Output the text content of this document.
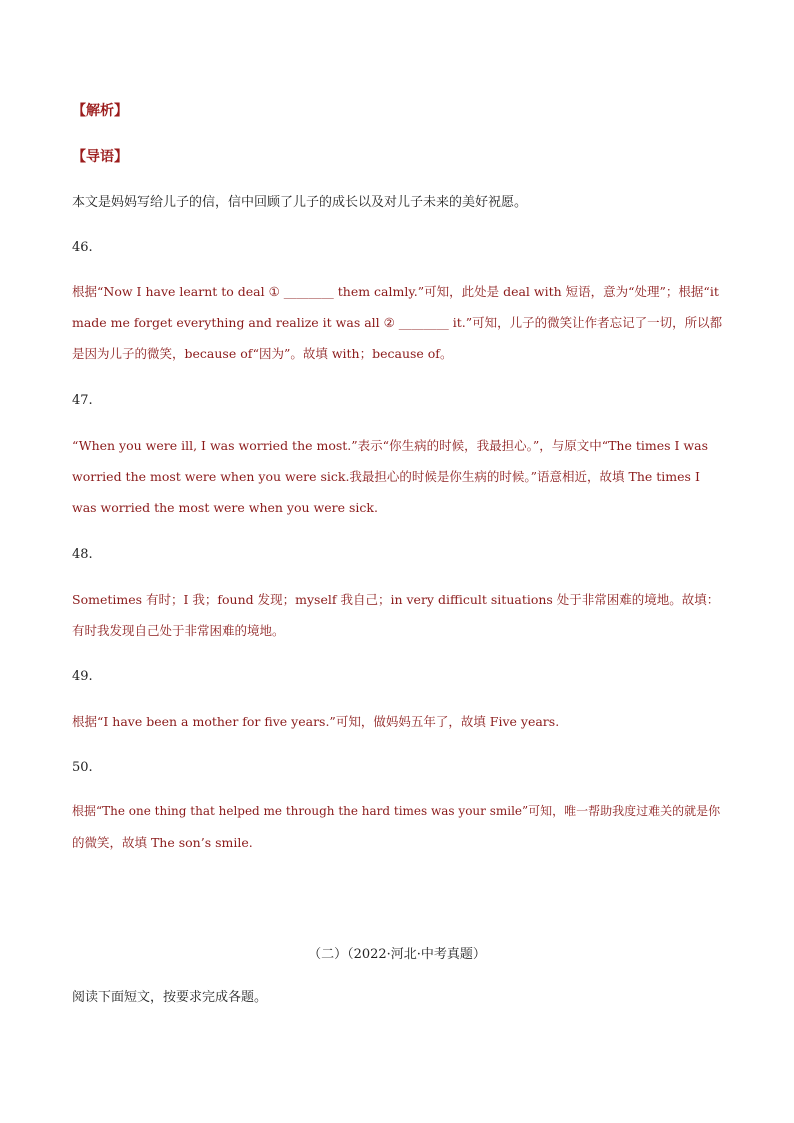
【解析】
【导语】
本文是妈妈写给儿子的信，信中回顾了儿子的成长以及对儿子未来的美好祝愿。
46.
根据“Now I have learnt to deal ① ________ them calmly.”可知，此处是 deal with 短语，意为“处理”；根据“it
made me forget everything and realize it was all ② ________ it.”可知，儿子的微笑让作者忘记了一切，所以都
是因为儿子的微笑，because of“因为”。故填 with；because of。
47.
“When you were ill, I was worried the most.”表示“你生病的时候，我最担心。”，与原文中“The times I was
worried the most were when you were sick.我最担心的时候是你生病的时候。”语意相近，故填 The times I
was worried the most were when you were sick.
48.
Sometimes 有时；I 我；found 发现；myself 我自己；in very difficult situations 处于非常困难的境地。故填：
有时我发现自己处于非常困难的境地。
49.
根据“I have been a mother for five years.”可知，做妈妈五年了，故填 Five years.
50.
根据“The one thing that helped me through the hard times was your smile”可知，唯一帮助我度过难关的就是你
的微笑，故填 The son’s smile.
（二）（2022·河北·中考真题）
阅读下面短文，按要求完成各题。
